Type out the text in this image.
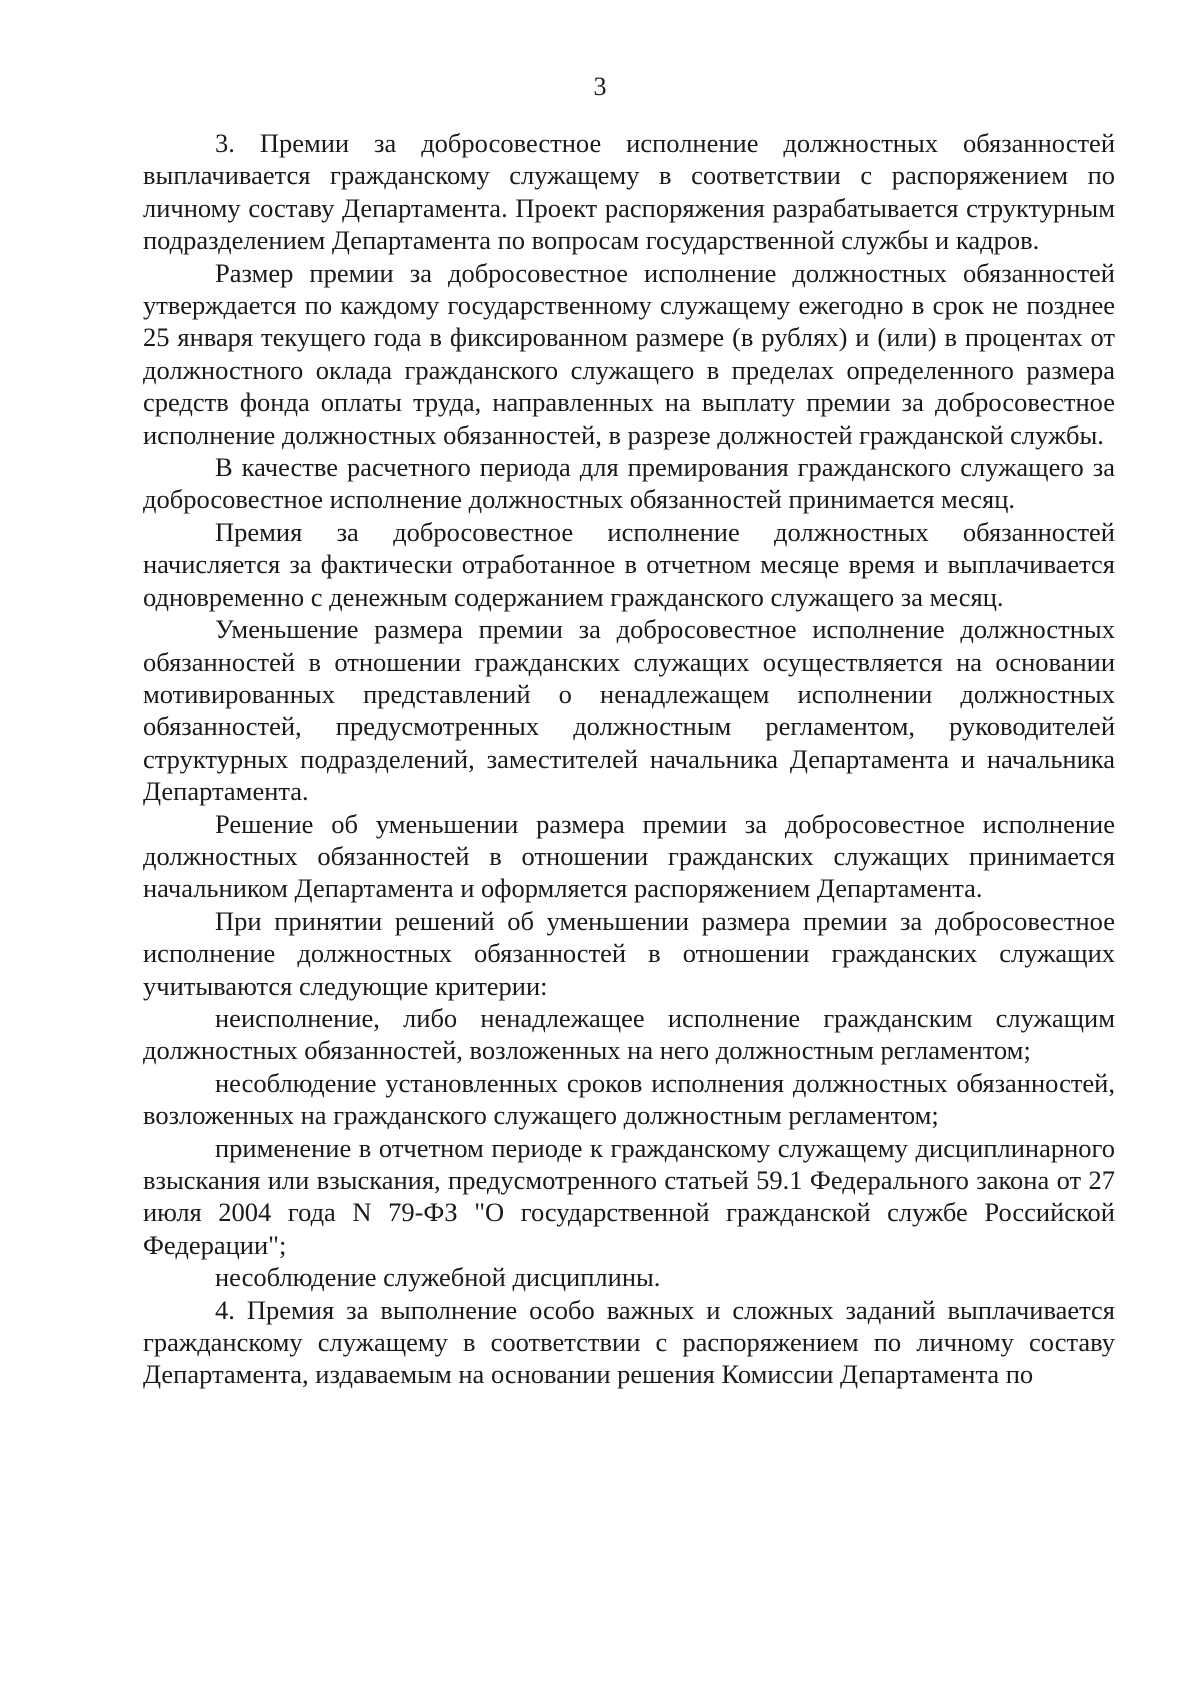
3

3. Премии за добросовестное исполнение должностных обязанностей выплачивается гражданскому служащему в соответствии с распоряжением по личному составу Департамента. Проект распоряжения разрабатывается структурным подразделением Департамента по вопросам государственной службы и кадров.

Размер премии за добросовестное исполнение должностных обязанностей утверждается по каждому государственному служащему ежегодно в срок не позднее 25 января текущего года в фиксированном размере (в рублях) и (или) в процентах от должностного оклада гражданского служащего в пределах определенного размера средств фонда оплаты труда, направленных на выплату премии за добросовестное исполнение должностных обязанностей, в разрезе должностей гражданской службы.

В качестве расчетного периода для премирования гражданского служащего за добросовестное исполнение должностных обязанностей принимается месяц.

Премия за добросовестное исполнение должностных обязанностей начисляется за фактически отработанное в отчетном месяце время и выплачивается одновременно с денежным содержанием гражданского служащего за месяц.

Уменьшение размера премии за добросовестное исполнение должностных обязанностей в отношении гражданских служащих осуществляется на основании мотивированных представлений о ненадлежащем исполнении должностных обязанностей, предусмотренных должностным регламентом, руководителей структурных подразделений, заместителей начальника Департамента и начальника Департамента.

Решение об уменьшении размера премии за добросовестное исполнение должностных обязанностей в отношении гражданских служащих принимается начальником Департамента и оформляется распоряжением Департамента.

При принятии решений об уменьшении размера премии за добросовестное исполнение должностных обязанностей в отношении гражданских служащих учитываются следующие критерии:

неисполнение, либо ненадлежащее исполнение гражданским служащим должностных обязанностей, возложенных на него должностным регламентом;

несоблюдение установленных сроков исполнения должностных обязанностей, возложенных на гражданского служащего должностным регламентом;

применение в отчетном периоде к гражданскому служащему дисциплинарного взыскания или взыскания, предусмотренного статьей 59.1 Федерального закона от 27 июля 2004 года N 79-ФЗ "О государственной гражданской службе Российской Федерации";

несоблюдение служебной дисциплины.

4. Премия за выполнение особо важных и сложных заданий выплачивается гражданскому служащему в соответствии с распоряжением по личному составу Департамента, издаваемым на основании решения Комиссии Департамента по
